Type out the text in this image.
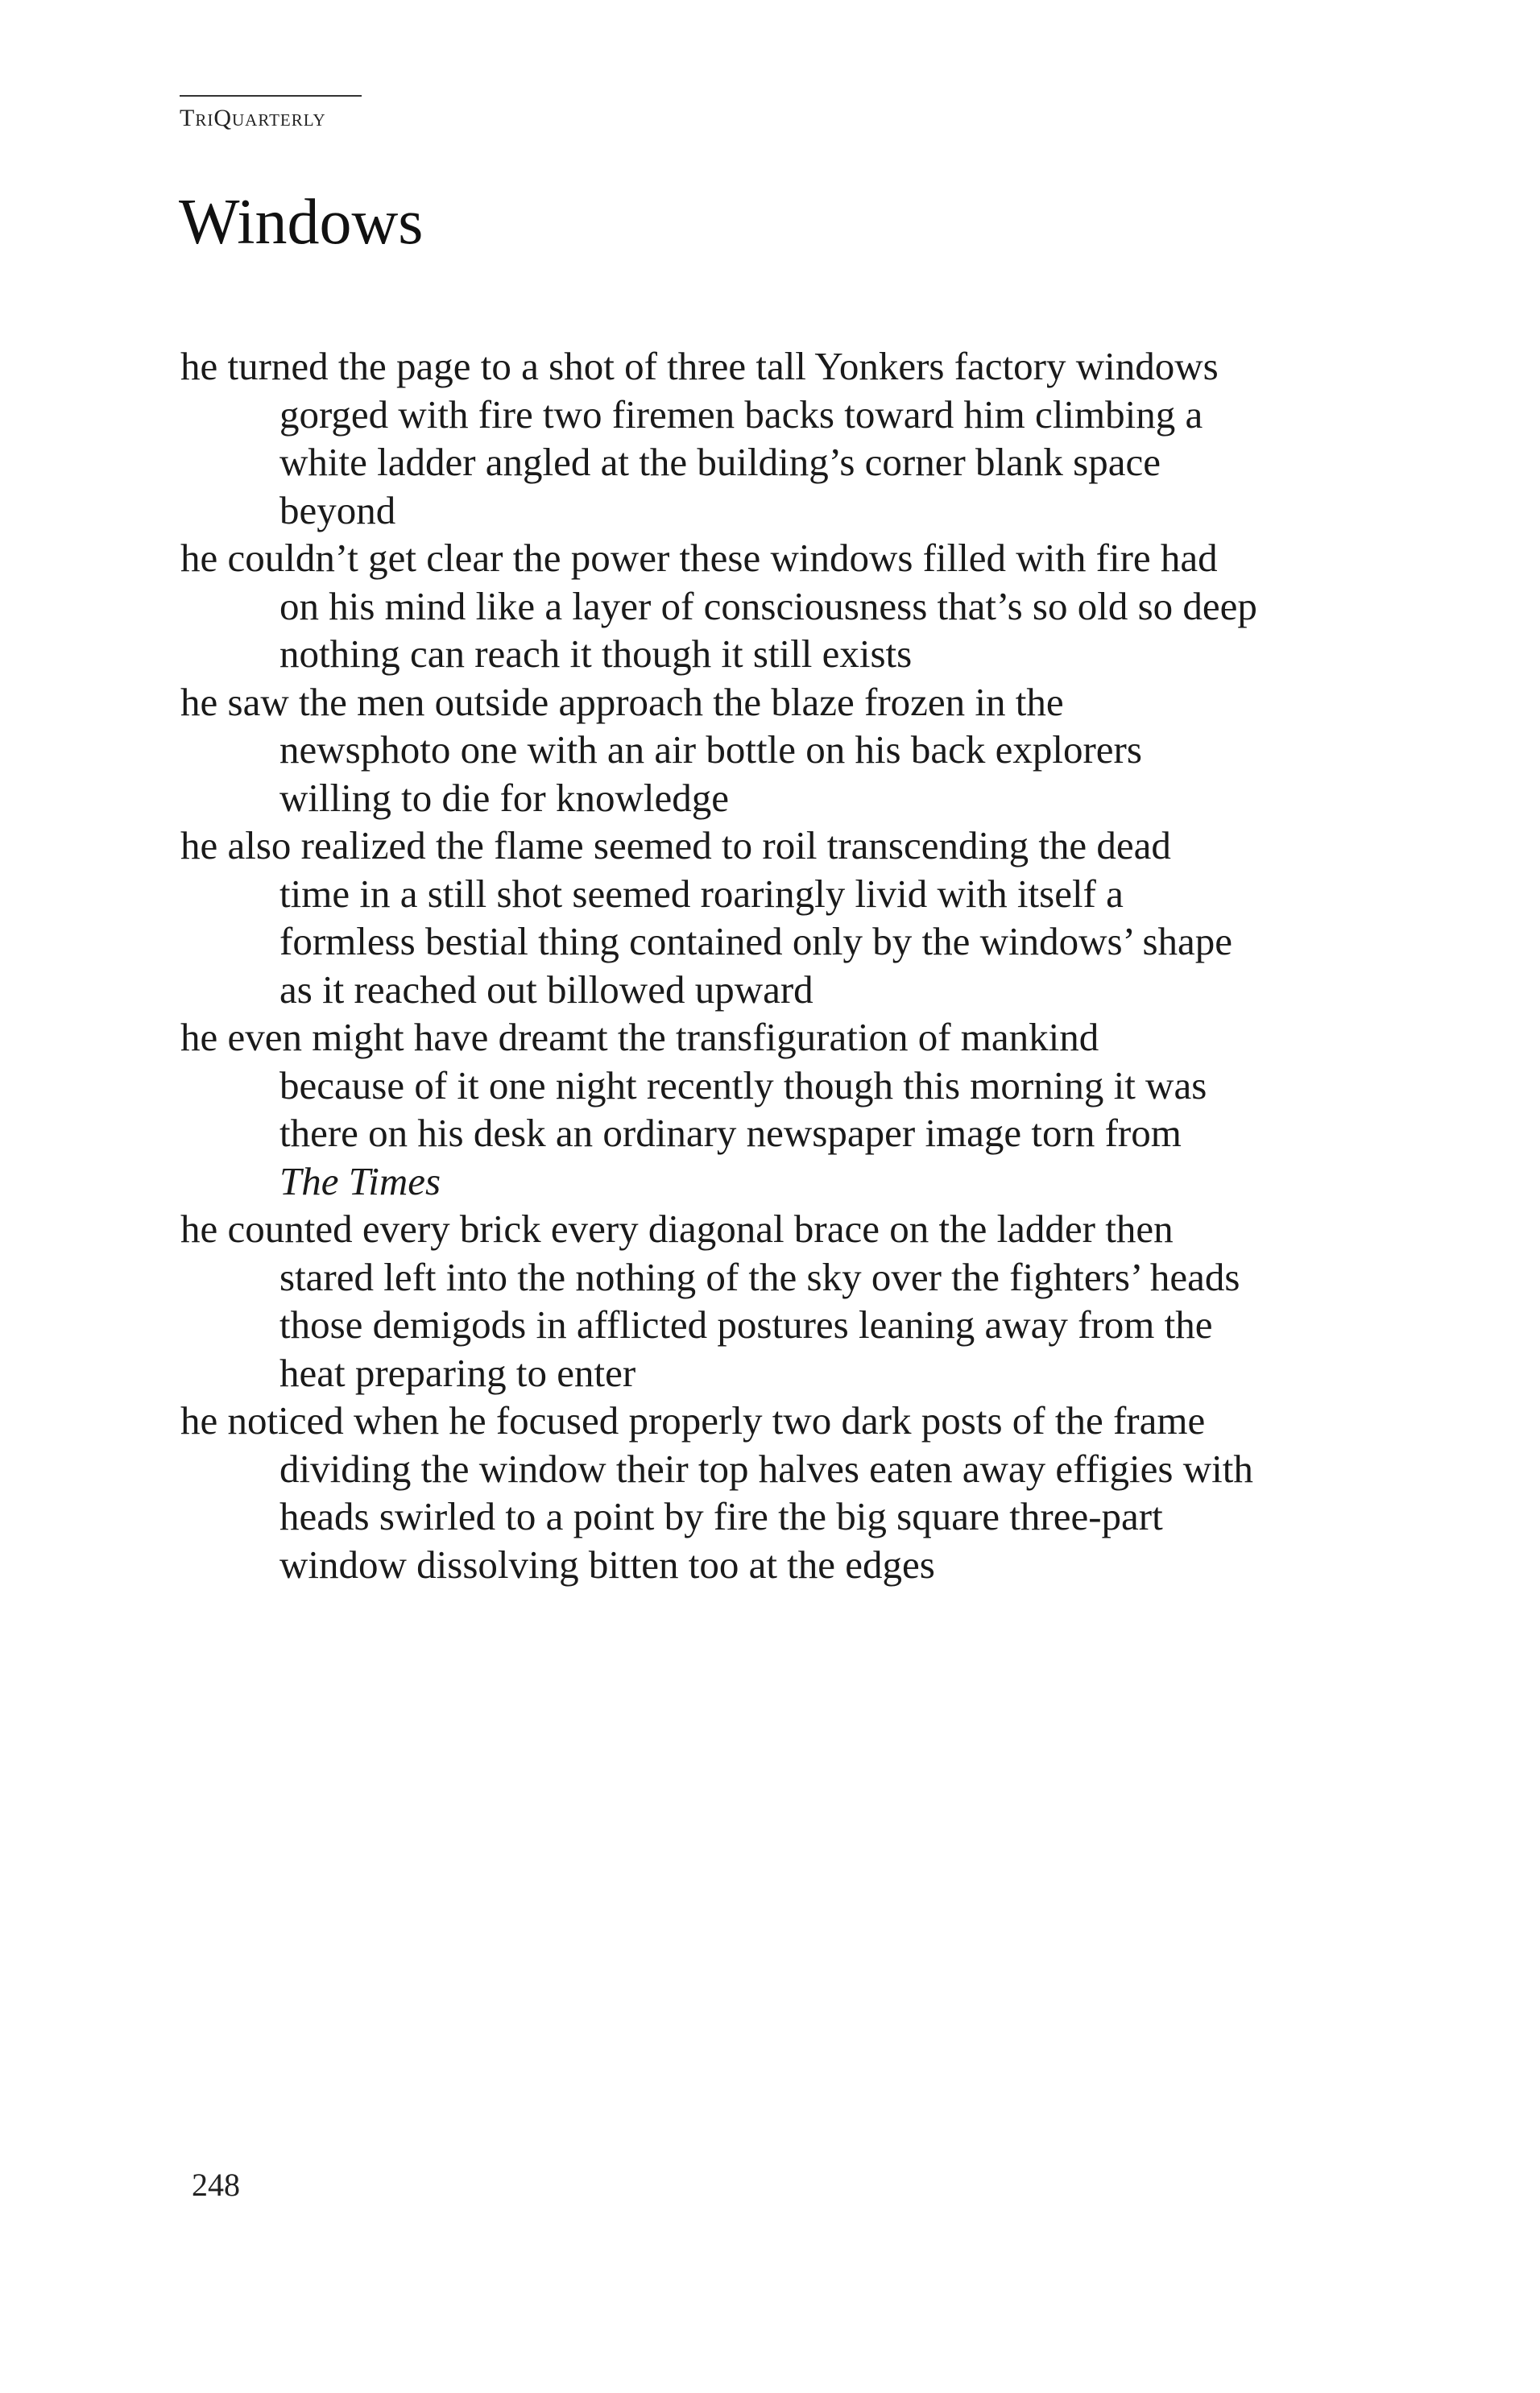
TriQuarterly
Windows
he turned the page to a shot of three tall Yonkers factory windows
gorged with fire two firemen backs toward him climbing a
white ladder angled at the building’s corner blank space
beyond
he couldn’t get clear the power these windows filled with fire had
on his mind like a layer of consciousness that’s so old so deep
nothing can reach it though it still exists
he saw the men outside approach the blaze frozen in the
newsphoto one with an air bottle on his back explorers
willing to die for knowledge
he also realized the flame seemed to roil transcending the dead
time in a still shot seemed roaringly livid with itself a
formless bestial thing contained only by the windows’ shape
as it reached out billowed upward
he even might have dreamt the transfiguration of mankind
because of it one night recently though this morning it was
there on his desk an ordinary newspaper image torn from
The Times
he counted every brick every diagonal brace on the ladder then
stared left into the nothing of the sky over the fighters’ heads
those demigods in afflicted postures leaning away from the
heat preparing to enter
he noticed when he focused properly two dark posts of the frame
dividing the window their top halves eaten away effigies with
heads swirled to a point by fire the big square three-part
window dissolving bitten too at the edges
248
